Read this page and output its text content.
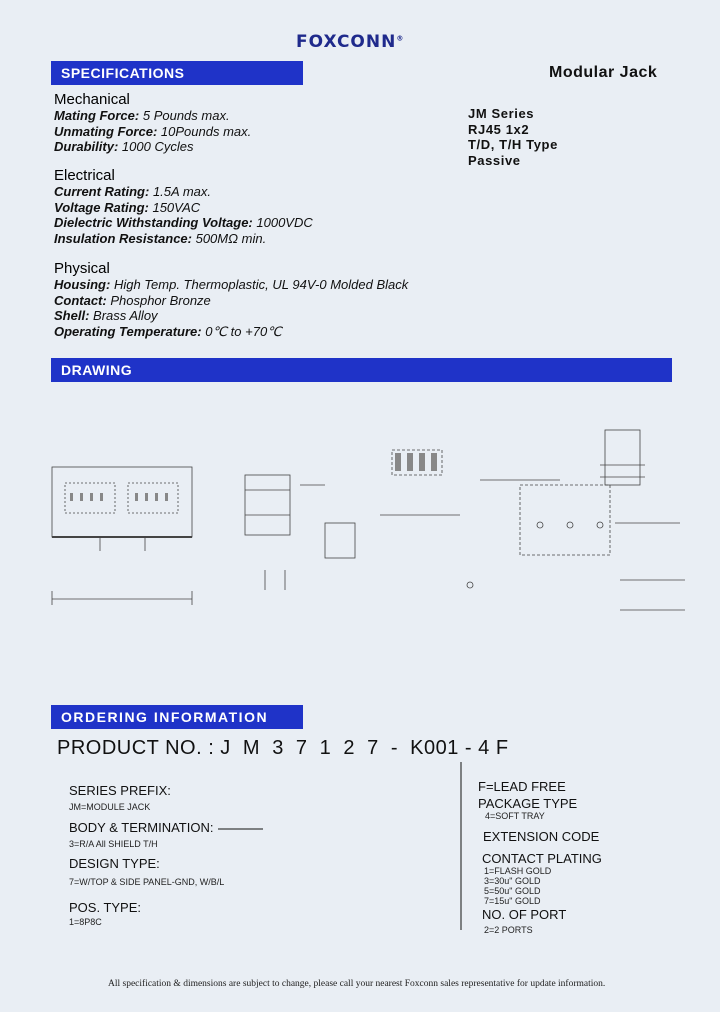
FOXCONN®
SPECIFICATIONS	Modular Jack
JM Series
RJ45 1x2
T/D, T/H Type
Passive
Mechanical
Mating Force: 5 Pounds max.
Unmating Force: 10Pounds max.
Durability: 1000 Cycles
Electrical
Current Rating: 1.5A max.
Voltage Rating: 150VAC
Dielectric Withstanding Voltage: 1000VDC
Insulation Resistance: 500MΩ min.
Physical
Housing: High Temp. Thermoplastic, UL 94V-0 Molded Black
Contact: Phosphor Bronze
Shell: Brass Alloy
Operating Temperature: 0℃ to +70℃
DRAWING
ORDERING INFORMATION
PRODUCT NO. : J  M  3  7  1  2  7  -  K001 - 4 F
SERIES PREFIX:
JM=MODULE JACK
BODY & TERMINATION:
3=R/A All SHIELD T/H
DESIGN TYPE:
7=W/TOP & SIDE PANEL-GND, W/B/L
POS. TYPE:
1=8P8C
F=LEAD FREE
PACKAGE TYPE
4=SOFT TRAY
EXTENSION CODE
CONTACT PLATING
1=FLASH GOLD
3=30u" GOLD
5=50u" GOLD
7=15u" GOLD
NO. OF PORT
2=2 PORTS
All specification & dimensions are subject to change, please call your nearest Foxconn sales representative for update information.
